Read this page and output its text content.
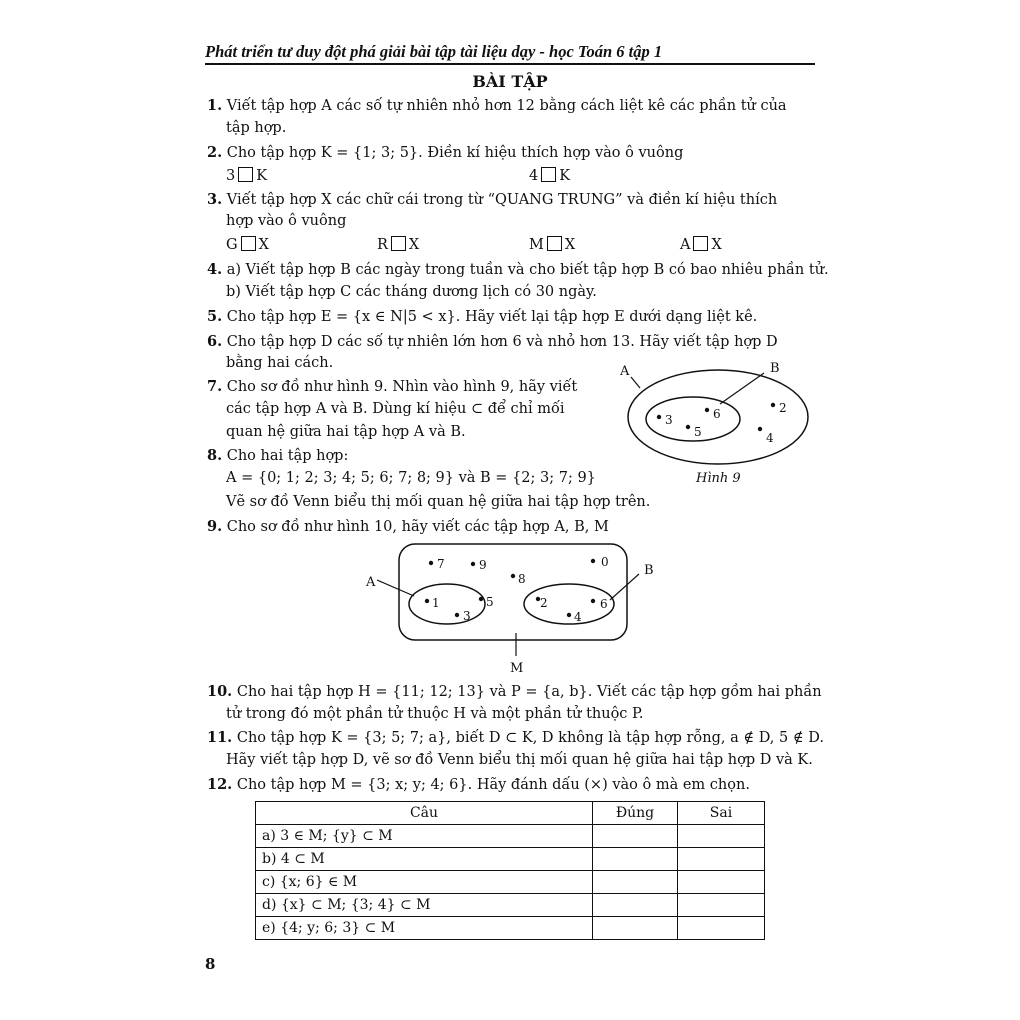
Phát triển tư duy đột phá giải bài tập tài liệu dạy - học Toán 6 tập 1
BÀI TẬP
1. Viết tập hợp A các số tự nhiên nhỏ hơn 12 bằng cách liệt kê các phần tử của
tập hợp.
2. Cho tập hợp K = {1; 3; 5}. Điền kí hiệu thích hợp vào ô vuông
3 K	4 K
3. Viết tập hợp X các chữ cái trong từ “QUANG TRUNG” và điền kí hiệu thích
hợp vào ô vuông
G X	R X	M X	A X
4. a) Viết tập hợp B các ngày trong tuần và cho biết tập hợp B có bao nhiêu phần tử.
b) Viết tập hợp C các tháng dương lịch có 30 ngày.
5. Cho tập hợp E = {x ∈ N|5 < x}. Hãy viết lại tập hợp E dưới dạng liệt kê.
6. Cho tập hợp D các số tự nhiên lớn hơn 6 và nhỏ hơn 13. Hãy viết tập hợp D
bằng hai cách.
7. Cho sơ đồ như hình 9. Nhìn vào hình 9, hãy viết
các tập hợp A và B. Dùng kí hiệu ⊂ để chỉ mối
quan hệ giữa hai tập hợp A và B.
A	B
3	6
5
2
4
8. Cho hai tập hợp:
A = {0; 1; 2; 3; 4; 5; 6; 7; 8; 9} và B = {2; 3; 7; 9}	Hình 9
Vẽ sơ đồ Venn biểu thị mối quan hệ giữa hai tập hợp trên.
9. Cho sơ đồ như hình 10, hãy viết các tập hợp A, B, M
A
B
M
7	9
8
0
1	5
3
2	6
4
10. Cho hai tập hợp H = {11; 12; 13} và P = {a, b}. Viết các tập hợp gồm hai phần
tử trong đó một phần tử thuộc H và một phần tử thuộc P.
11. Cho tập hợp K = {3; 5; 7; a}, biết D ⊂ K, D không là tập hợp rỗng, a ∉ D, 5 ∉ D.
Hãy viết tập hợp D, vẽ sơ đồ Venn biểu thị mối quan hệ giữa hai tập hợp D và K.
12. Cho tập hợp M = {3; x; y; 4; 6}. Hãy đánh dấu (×) vào ô mà em chọn.
Câu	Đúng	Sai
a) 3 ∈ M; {y} ⊂ M		
b) 4 ⊂ M		
c) {x; 6} ∈ M		
d) {x} ⊂ M; {3; 4} ⊂ M		
e) {4; y; 6; 3} ⊂ M		
8
